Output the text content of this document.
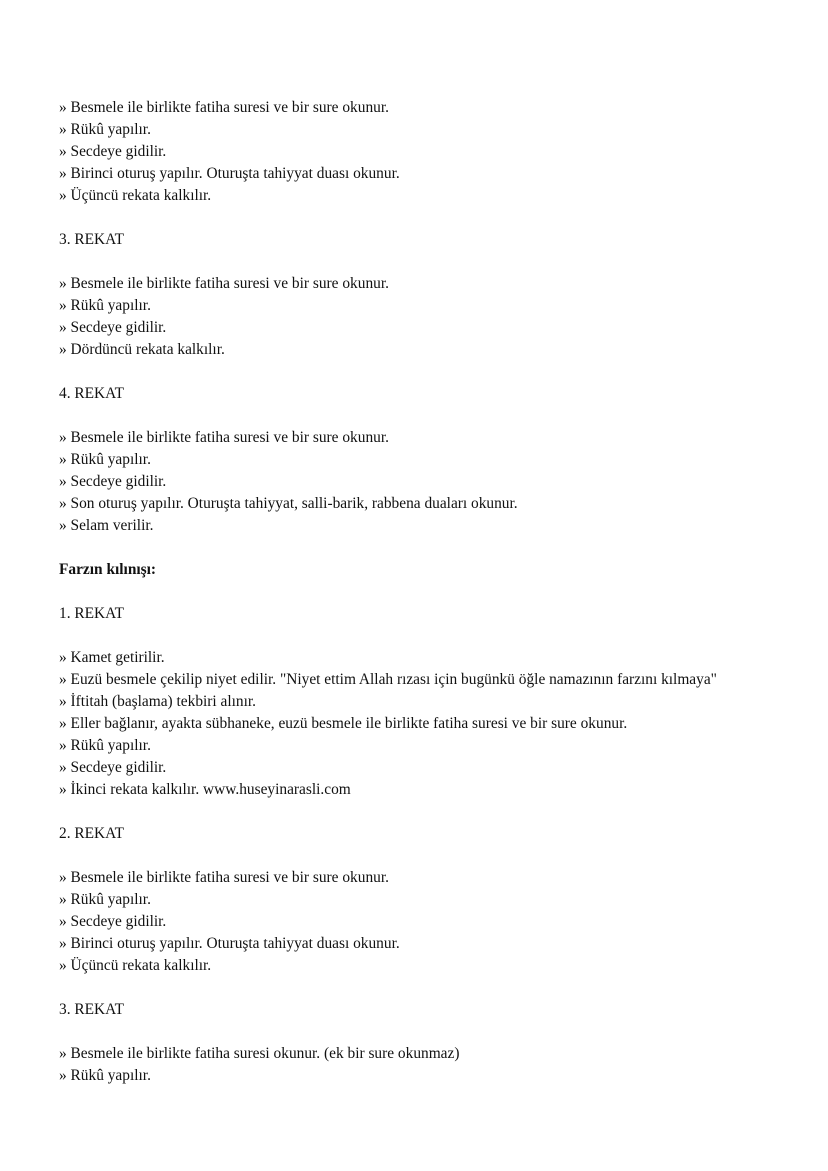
» Besmele ile birlikte fatiha suresi ve bir sure okunur.
» Rükû yapılır.
» Secdeye gidilir.
» Birinci oturuş yapılır. Oturuşta tahiyyat duası okunur.
» Üçüncü rekata kalkılır.
3. REKAT
» Besmele ile birlikte fatiha suresi ve bir sure okunur.
» Rükû yapılır.
» Secdeye gidilir.
» Dördüncü rekata kalkılır.
4. REKAT
» Besmele ile birlikte fatiha suresi ve bir sure okunur.
» Rükû yapılır.
» Secdeye gidilir.
» Son oturuş yapılır. Oturuşta tahiyyat, salli-barik, rabbena duaları okunur.
» Selam verilir.
Farzın kılınışı:
1. REKAT
» Kamet getirilir.
» Euzü besmele çekilip niyet edilir. "Niyet ettim Allah rızası için bugünkü öğle namazının farzını kılmaya"
» İftitah (başlama) tekbiri alınır.
» Eller bağlanır, ayakta sübhaneke, euzü besmele ile birlikte fatiha suresi ve bir sure okunur.
» Rükû yapılır.
» Secdeye gidilir.
» İkinci rekata kalkılır. www.huseyinarasli.com
2. REKAT
» Besmele ile birlikte fatiha suresi ve bir sure okunur.
» Rükû yapılır.
» Secdeye gidilir.
» Birinci oturuş yapılır. Oturuşta tahiyyat duası okunur.
» Üçüncü rekata kalkılır.
3. REKAT
» Besmele ile birlikte fatiha suresi okunur. (ek bir sure okunmaz)
» Rükû yapılır.
